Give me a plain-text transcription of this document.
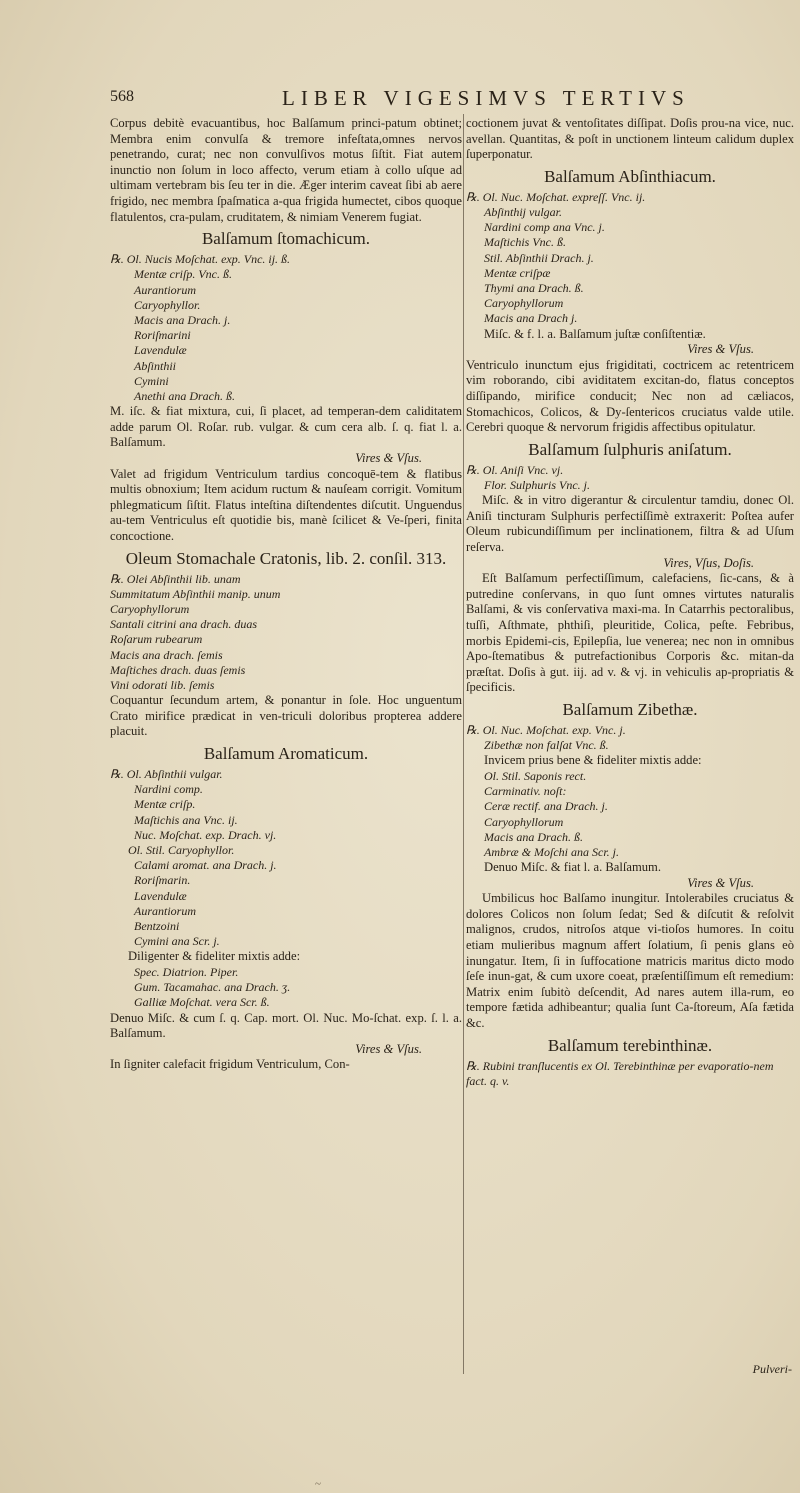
568	LIBER VIGESIMVS TERTIVS

Corpus debitè evacuantibus, hoc Balſamum princi-patum obtinet; Membra enim convulſa & tremore infeſtata,omnes nervos penetrando, curat; nec non convulſivos motus ſiſtit. Fiat autem inunctio non ſolum in loco affecto, verum etiam à collo uſque ad ultimam vertebram bis ſeu ter in die. Æger interim caveat ſibi ab aere frigido, nec membra ſpaſmatica a-qua frigida humectet, cibos quoque flatulentos, cra-pulam, cruditatem, & nimiam Venerem fugiat.

Balſamum ſtomachicum.
℞. Ol. Nucis Moſchat. exp. Vnc. ij. ß.
Mentæ criſp. Vnc. ß.
Aurantiorum
Caryophyllor.
Macis ana Drach. j.
Roriſmarini
Lavendulæ
Abſinthii
Cymini
Anethi ana Drach. ß.

M. iſc. & fiat mixtura, cui, ſi placet, ad temperan-dem caliditatem adde parum Ol. Roſar. rub. vulgar. & cum cera alb. ſ. q. fiat l. a. Balſamum.

Vires & Vſus.

Valet ad frigidum Ventriculum tardius concoquē-tem & flatibus multis obnoxium; Item acidum ructum & nauſeam corrigit. Vomitum phlegmaticum ſiſtit. Flatus inteſtina diſtendentes diſcutit. Unguendus au-tem Ventriculus eſt quotidie bis, manè ſcilicet & Ve-ſperi, finita concoctione.

Oleum Stomachale Cratonis, lib. 2. conſil. 313.
℞. Olei Abſinthii lib. unam
Summitatum Abſinthii manip. unum
Caryophyllorum
Santali citrini ana drach. duas
Roſarum rubearum
Macis ana drach. ſemis
Maſtiches drach. duas ſemis
Vini odorati lib. ſemis

Coquantur ſecundum artem, & ponantur in ſole. Hoc unguentum Crato mirifice prædicat in ven-triculi doloribus propterea addere placuit.

Balſamum Aromaticum.
℞. Ol. Abſinthii vulgar.
Nardini comp.
Mentæ criſp.
Maſtichis ana Vnc. ij.
Nuc. Moſchat. exp. Drach. vj.
Ol. Stil. Caryophyllor.
Calami aromat. ana Drach. j.
Roriſmarin.
Lavendulæ
Aurantiorum
Bentzoini
Cymini ana Scr. j.

Diligenter & fideliter mixtis adde:

Spec. Diatrion. Piper.
Gum. Tacamahac. ana Drach. ʒ.
Galliæ Moſchat. vera Scr. ß.

Denuo Miſc. & cum ſ. q. Cap. mort. Ol. Nuc. Mo-ſchat. exp. ſ. l. a. Balſamum.

Vires & Vſus.

In ſigniter calefacit frigidum Ventriculum, Con-

coctionem juvat & ventoſitates diſſipat. Doſis prou-na vice, nuc. avellan. Quantitas, & poſt in unctionem linteum calidum duplex ſuperponatur.

Balſamum Abſinthiacum.
℞. Ol. Nuc. Moſchat. expreſſ. Vnc. ij.
Abſinthij vulgar.
Nardini comp ana Vnc. j.
Maſtichis Vnc. ß.
Stil. Abſinthii Drach. j.
Mentæ criſpæ
Thymi ana Drach. ß.
Caryophyllorum
Macis ana Drach j.

Miſc. & f. l. a. Balſamum juſtæ conſiſtentiæ.

Vires & Vſus.

Ventriculo inunctum ejus frigiditati, coctricem ac retentricem vim roborando, cibi aviditatem excitan-do, flatus conceptos diſſipando, mirifice conducit; Nec non ad cæliacos, Stomachicos, Colicos, & Dy-ſentericos cruciatus valde utile. Cerebri quoque & nervorum frigidis affectibus opitulatur.

Balſamum ſulphuris aniſatum.
℞. Ol. Aniſi Vnc. vj.
Flor. Sulphuris Vnc. j.

Miſc. & in vitro digerantur & circulentur tamdiu, donec Ol. Aniſi tincturam Sulphuris perfectiſſimè extraxerit: Poſtea aufer Oleum rubicundiſſimum per inclinationem, filtra & ad Uſum reſerva.

Vires, Vſus, Doſis.

Eſt Balſamum perfectiſſimum, calefaciens, ſic-cans, & à putredine conſervans, in quo ſunt omnes virtutes naturalis Balſami, & vis conſervativa maxi-ma. In Catarrhis pectoralibus, tuſſi, Aſthmate, phthiſi, pleuritide, Colica, peſte. Febribus, morbis Epidemi-cis, Epilepſia, lue venerea; nec non in omnibus Apo-ſtematibus & putrefactionibus Corporis &c. mitan-da præſtat. Doſis à gut. iij. ad v. & vj. in vehiculis ap-propriatis & ſpecificis.

Balſamum Zibethæ.
℞. Ol. Nuc. Moſchat. exp. Vnc. j.
Zibethæ non falſat Vnc. ß.

Invicem prius bene & fideliter mixtis adde:

Ol. Stil. Saponis rect.
Carminativ. noſt:
Ceræ rectif. ana Drach. j.
Caryophyllorum
Macis ana Drach. ß.
Ambræ & Moſchi ana Scr. j.

Denuo Miſc. & fiat l. a. Balſamum.

Vires & Vſus.

Umbilicus hoc Balſamo inungitur. Intolerabiles cruciatus & dolores Colicos non ſolum ſedat; Sed & diſcutit & reſolvit malignos, crudos, nitroſos atque vi-tioſos humores. In coitu etiam mulieribus magnum affert ſolatium, ſi penis glans eò inungatur. Item, ſi in ſuffocatione matricis maritus dicto modo ſeſe inun-gat, & cum uxore coeat, præſentiſſimum eſt remedium: Matrix enim ſubitò deſcendit, Ad nares autem illa-rum, eo tempore fætida adhibeantur; qualia ſunt Ca-ſtoreum, Aſa fætida &c.

Balſamum terebinthinæ.
℞. Rubini tranſlucentis ex Ol. Terebinthinæ per evaporatio-nem fact. q. v.
Pulveri-
~
